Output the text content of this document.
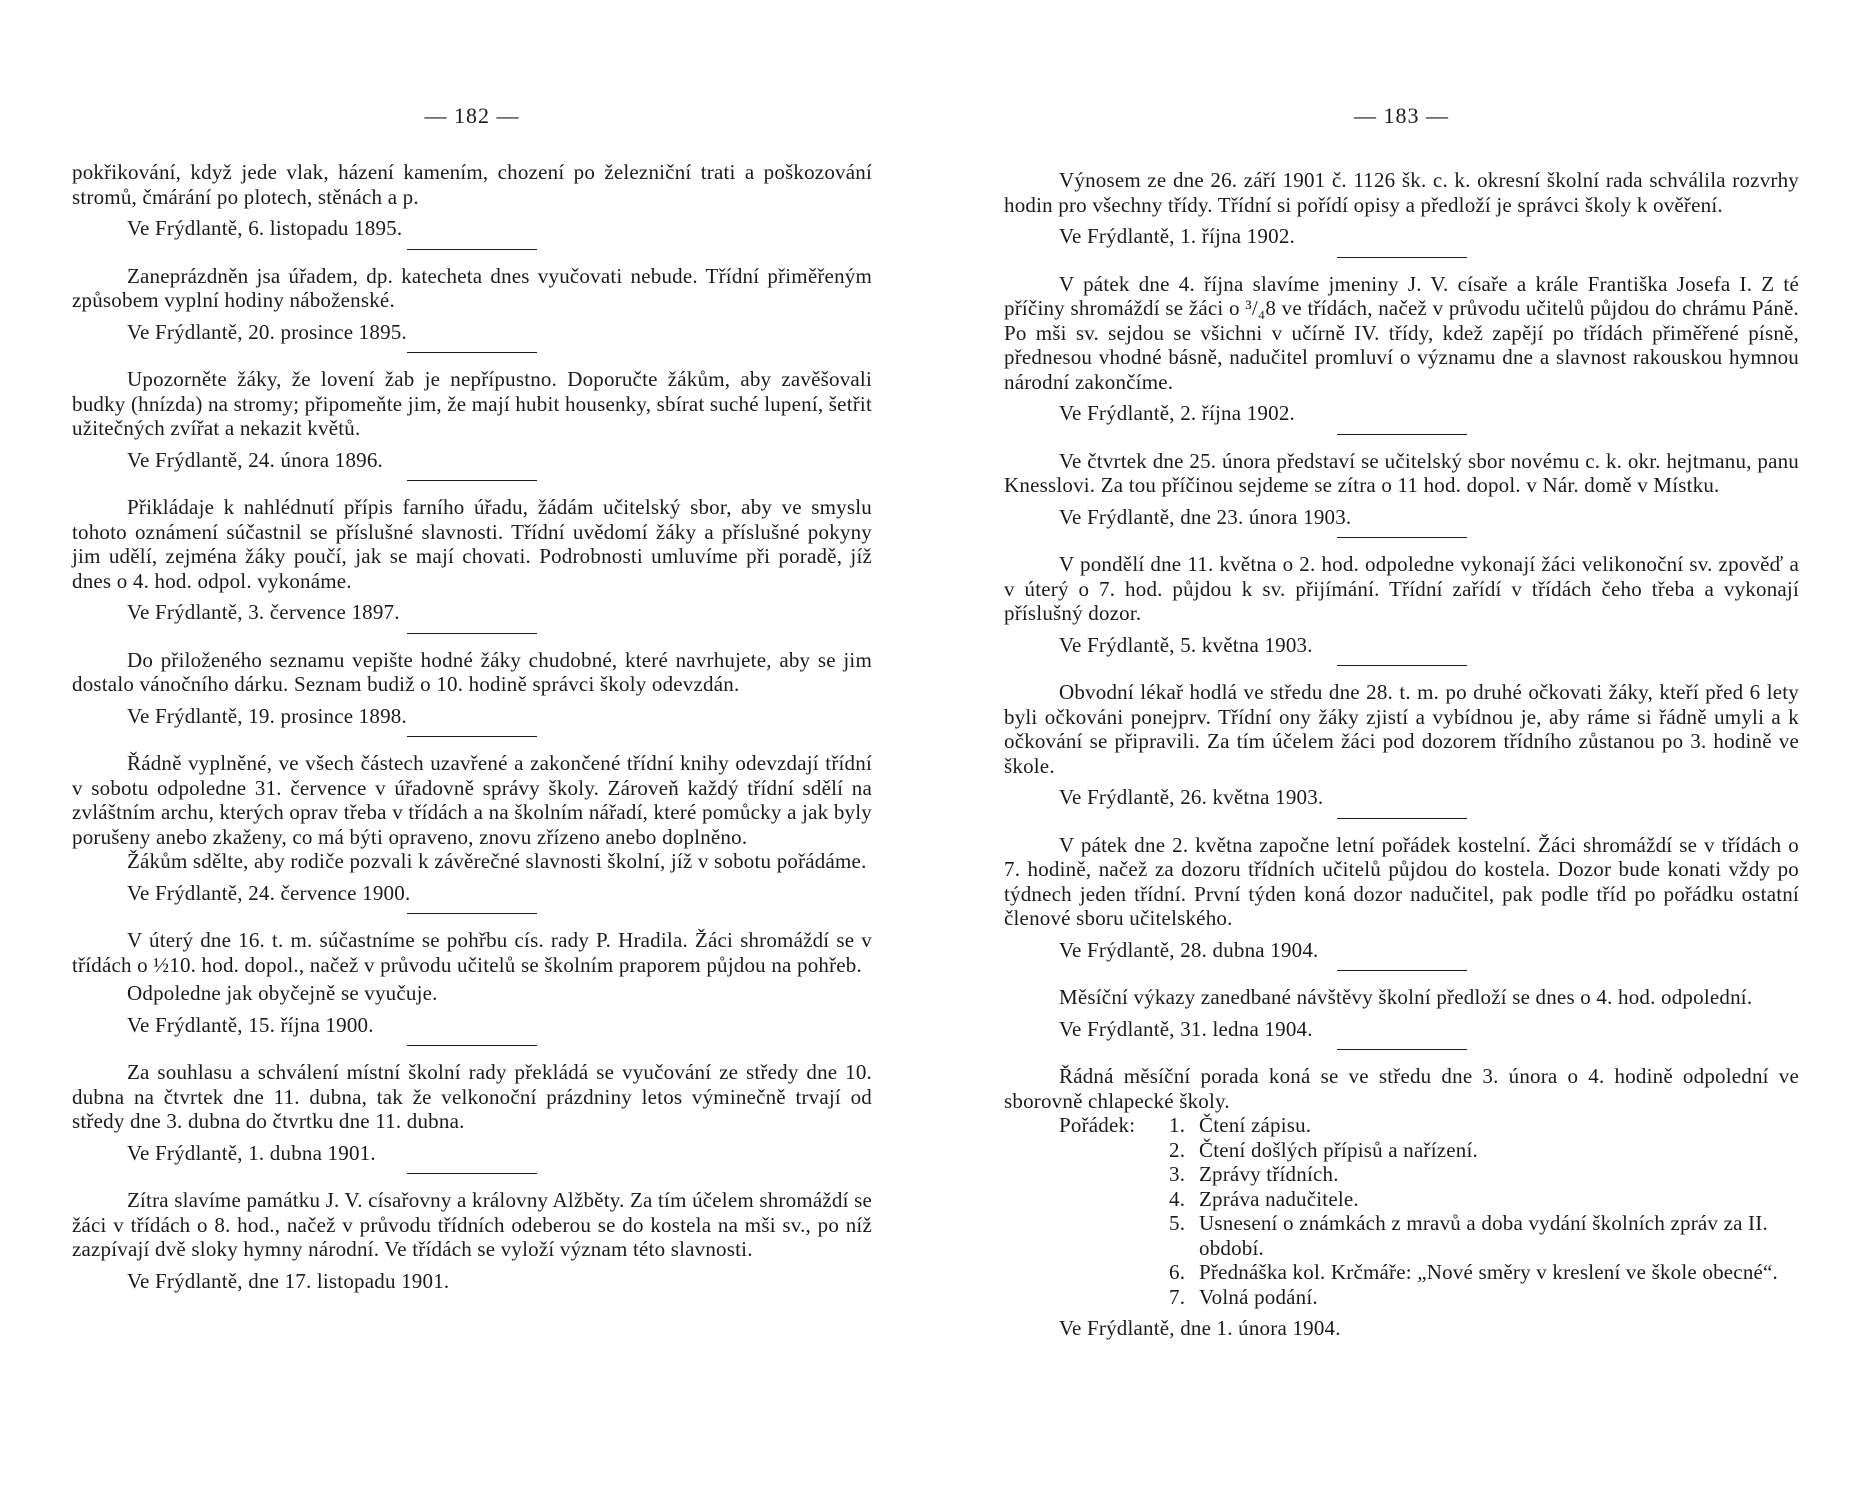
— 182 —

pokřikování, když jede vlak, házení kamením, chození po železniční trati a poškozování stromů, čmárání po plotech, stěnách a p.

Ve Frýdlantě, 6. listopadu 1895.

Zaneprázdněn jsa úřadem, dp. katecheta dnes vyučovati nebude. Třídní přiměřeným způsobem vyplní hodiny náboženské.

Ve Frýdlantě, 20. prosince 1895.

Upozorněte žáky, že lovení žab je nepřípustno. Doporučte žákům, aby zavěšovali budky (hnízda) na stromy; připomeňte jim, že mají hubit housenky, sbírat suché lupení, šetřit užitečných zvířat a nekazit květů.

Ve Frýdlantě, 24. února 1896.

Přikládaje k nahlédnutí přípis farního úřadu, žádám učitelský sbor, aby ve smyslu tohoto oznámení súčastnil se příslušné slavnosti. Třídní uvědomí žáky a příslušné pokyny jim udělí, zejména žáky poučí, jak se mají chovati. Podrobnosti umluvíme při poradě, jíž dnes o 4. hod. odpol. vykonáme.

Ve Frýdlantě, 3. července 1897.

Do přiloženého seznamu vepište hodné žáky chudobné, které navrhujete, aby se jim dostalo vánočního dárku. Seznam budiž o 10. hodině správci školy odevzdán.

Ve Frýdlantě, 19. prosince 1898.

Řádně vyplněné, ve všech částech uzavřené a zakončené třídní knihy odevzdají třídní v sobotu odpoledne 31. července v úřadovně správy školy. Zároveň každý třídní sdělí na zvláštním archu, kterých oprav třeba v třídách a na školním nářadí, které pomůcky a jak byly porušeny anebo zkaženy, co má býti opraveno, znovu zřízeno anebo doplněno.

Žákům sdělte, aby rodiče pozvali k závěrečné slavnosti školní, jíž v sobotu pořádáme.

Ve Frýdlantě, 24. července 1900.

V úterý dne 16. t. m. súčastníme se pohřbu cís. rady P. Hradila. Žáci shromáždí se v třídách o ½10. hod. dopol., načež v průvodu učitelů se školním praporem půjdou na pohřeb.

Odpoledne jak obyčejně se vyučuje.

Ve Frýdlantě, 15. října 1900.

Za souhlasu a schválení místní školní rady překládá se vyučování ze středy dne 10. dubna na čtvrtek dne 11. dubna, tak že velkonoční prázdniny letos výminečně trvají od středy dne 3. dubna do čtvrtku dne 11. dubna.

Ve Frýdlantě, 1. dubna 1901.

Zítra slavíme památku J. V. císařovny a královny Alžběty. Za tím účelem shromáždí se žáci v třídách o 8. hod., načež v průvodu třídních odeberou se do kostela na mši sv., po níž zazpívají dvě sloky hymny národní. Ve třídách se vyloží význam této slavnosti.

Ve Frýdlantě, dne 17. listopadu 1901.

— 183 —

Výnosem ze dne 26. září 1901 č. 1126 šk. c. k. okresní školní rada schválila rozvrhy hodin pro všechny třídy. Třídní si pořídí opisy a předloží je správci školy k ověření.

Ve Frýdlantě, 1. října 1902.

V pátek dne 4. října slavíme jmeniny J. V. císaře a krále Františka Josefa I. Z té příčiny shromáždí se žáci o ³/₄8 ve třídách, načež v průvodu učitelů půjdou do chrámu Páně. Po mši sv. sejdou se všichni v učírně IV. třídy, kdež zapějí po třídách přiměřené písně, přednesou vhodné básně, nadučitel promluví o významu dne a slavnost rakouskou hymnou národní zakončíme.

Ve Frýdlantě, 2. října 1902.

Ve čtvrtek dne 25. února představí se učitelský sbor novému c. k. okr. hejtmanu, panu Knesslovi. Za tou příčinou sejdeme se zítra o 11 hod. dopol. v Nár. domě v Místku.

Ve Frýdlantě, dne 23. února 1903.

V pondělí dne 11. května o 2. hod. odpoledne vykonají žáci velikonoční sv. zpověď a v úterý o 7. hod. půjdou k sv. přijímání. Třídní zařídí v třídách čeho třeba a vykonají příslušný dozor.

Ve Frýdlantě, 5. května 1903.

Obvodní lékař hodlá ve středu dne 28. t. m. po druhé očkovati žáky, kteří před 6 lety byli očkováni ponejprv. Třídní ony žáky zjistí a vybídnou je, aby ráme si řádně umyli a k očkování se připravili. Za tím účelem žáci pod dozorem třídního zůstanou po 3. hodině ve škole.

Ve Frýdlantě, 26. května 1903.

V pátek dne 2. května započne letní pořádek kostelní. Žáci shromáždí se v třídách o 7. hodině, načež za dozoru třídních učitelů půjdou do kostela. Dozor bude konati vždy po týdnech jeden třídní. První týden koná dozor nadučitel, pak podle tříd po pořádku ostatní členové sboru učitelského.

Ve Frýdlantě, 28. dubna 1904.

Měsíční výkazy zanedbané návštěvy školní předloží se dnes o 4. hod. odpolední.

Ve Frýdlantě, 31. ledna 1904.

Řádná měsíční porada koná se ve středu dne 3. února o 4. hodině odpolední ve sborovně chlapecké školy.

Pořádek:	1. Čtení zápisu.
2. Čtení došlých přípisů a nařízení.
3. Zprávy třídních.
4. Zpráva nadučitele.
5. Usnesení o známkách z mravů a doba vydání školních zpráv za II. období.
6. Přednáška kol. Krčmáře: „Nové směry v kreslení ve škole obecné“.
7. Volná podání.

Ve Frýdlantě, dne 1. února 1904.
